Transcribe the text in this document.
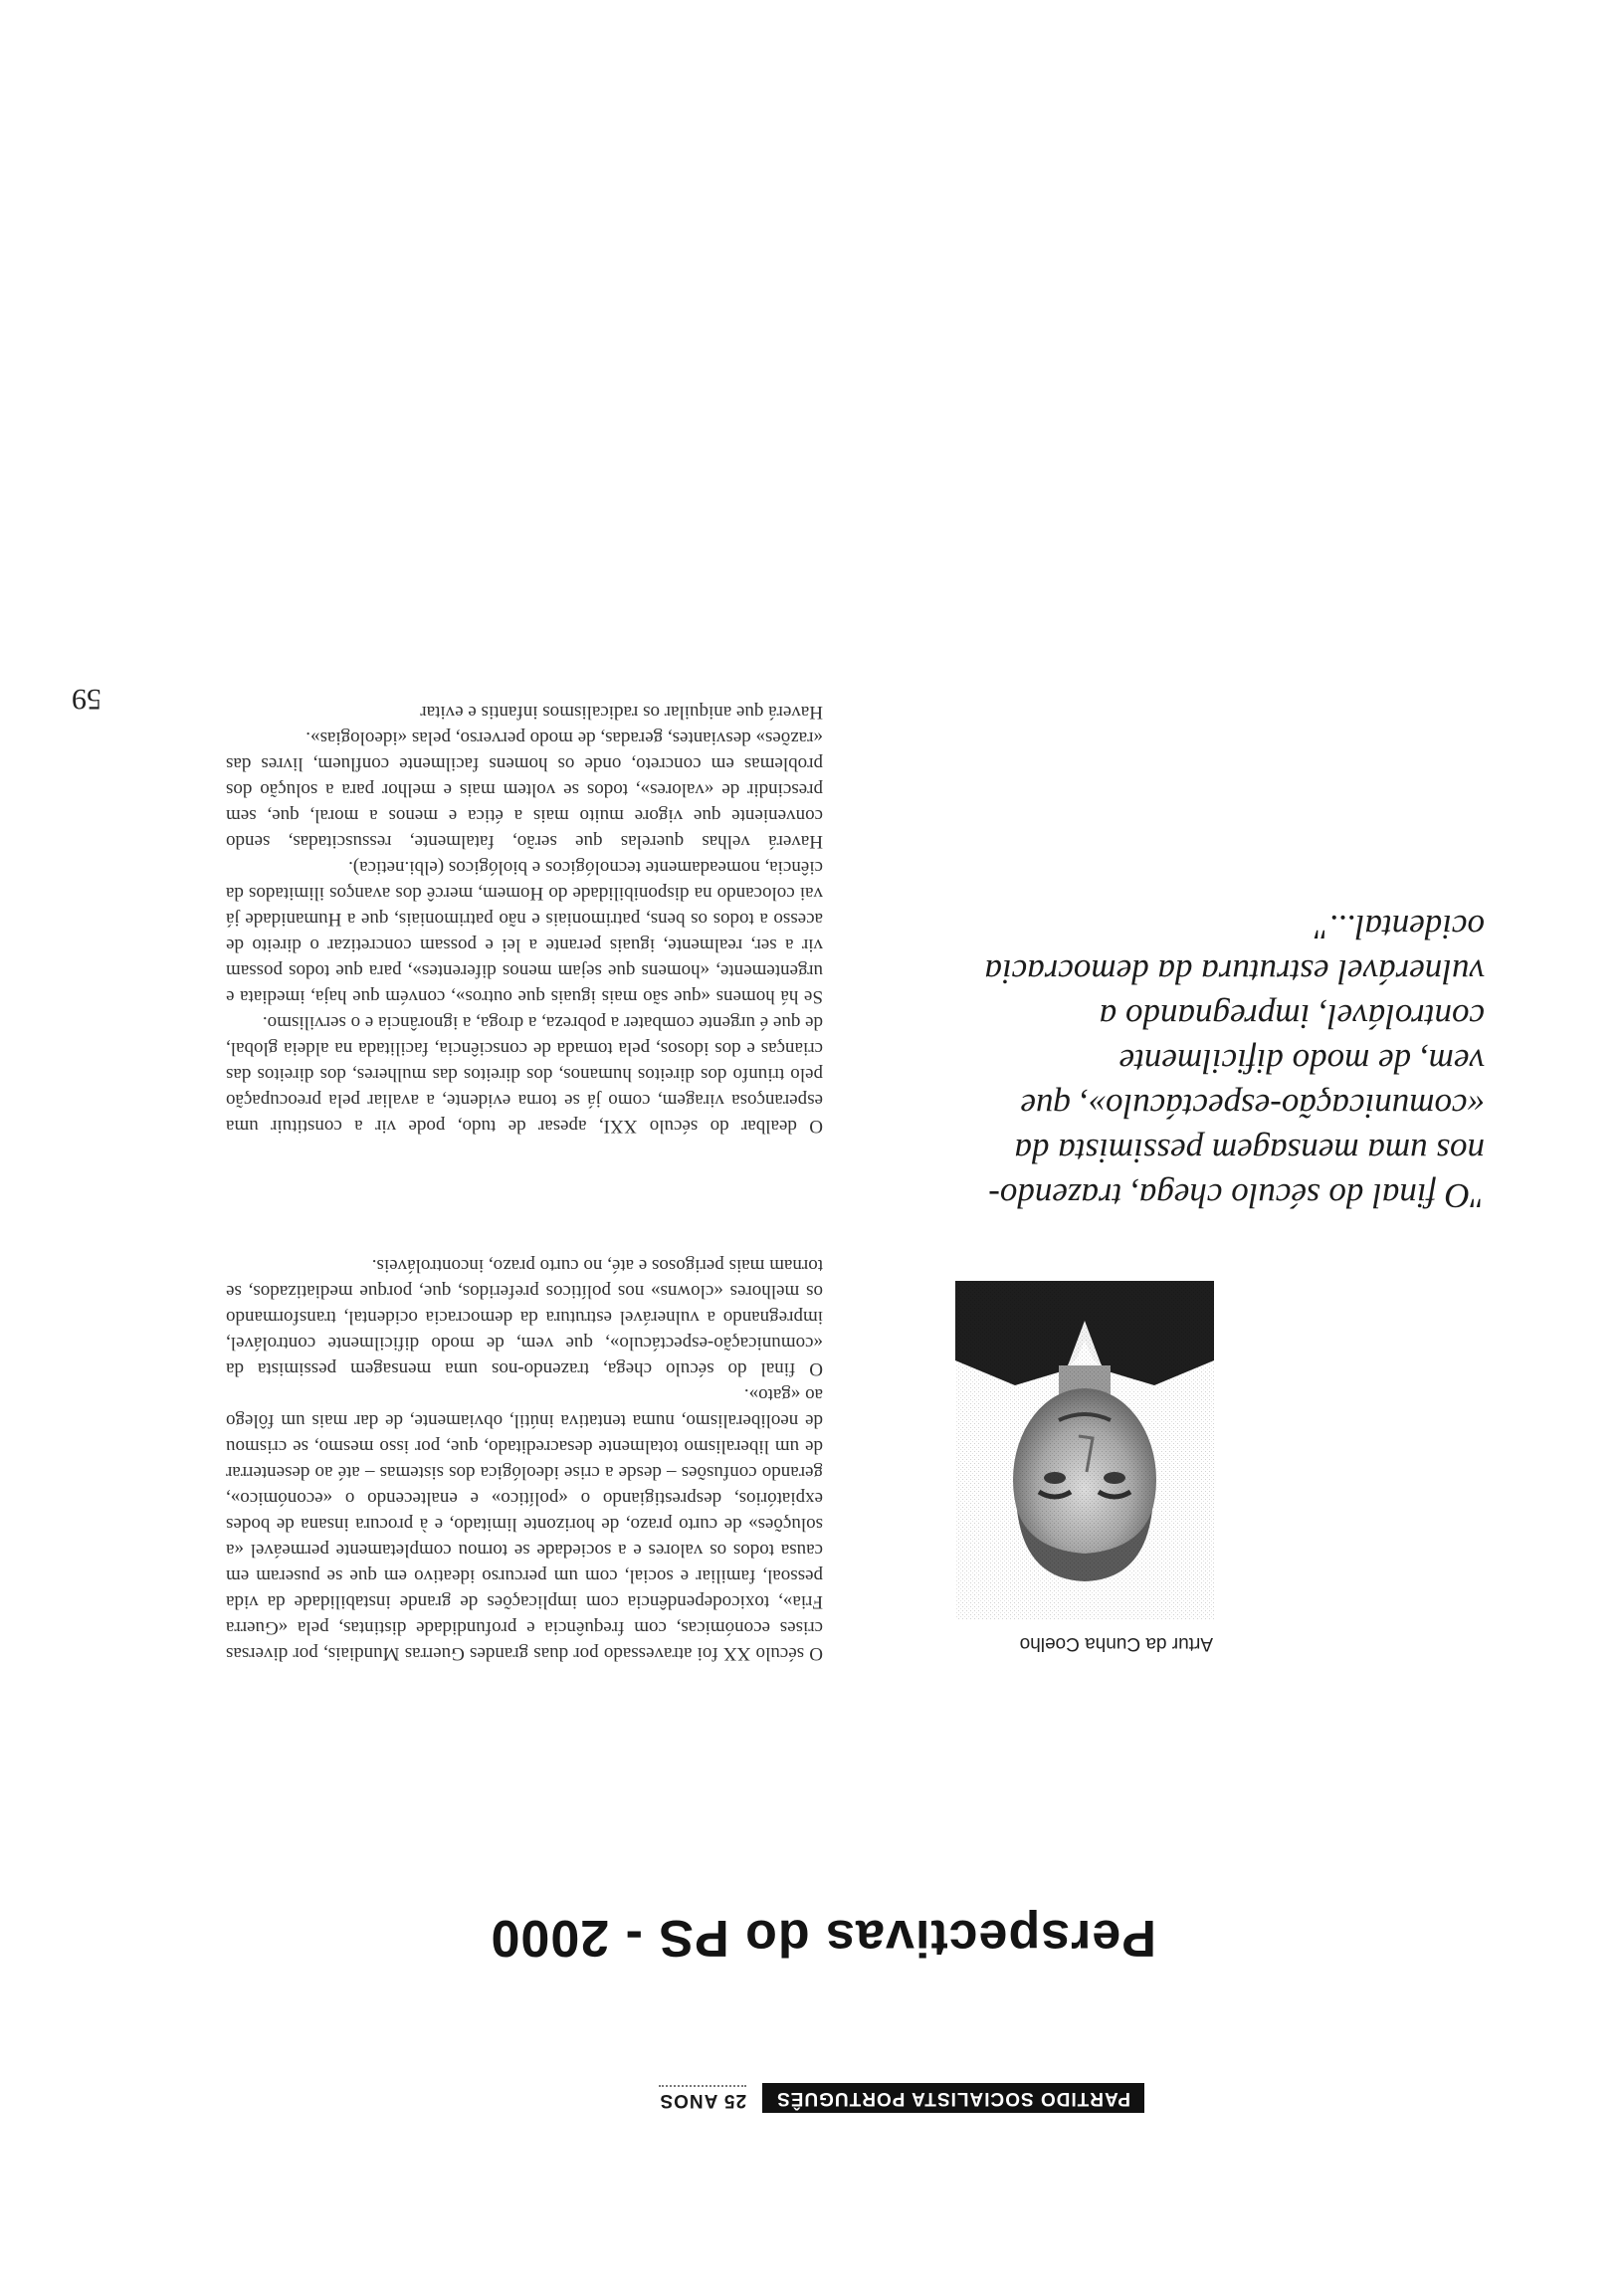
PARTIDO SOCIALISTA PORTUGUÊS
25 ANOS
Perspectivas do PS - 2000
Artur da Cunha Coelho
"O final do século chega, trazendo-nos uma mensagem pessimista da «comunicação-espectáculo», que vem, de modo dificilmente controlável, impregnando a vulnerável estrutura da democracia ocidental..."

O século XX foi atravessado por duas grandes Guerras Mundiais, por diversas crises económicas, com frequência e profundidade distintas, pela «Guerra Fria», toxicodependência com implicações de grande instabilidade da vida pessoal, familiar e social, com um percurso ideativo em que se puseram em causa todos os valores e a sociedade se tornou completamente permeável «a soluções» de curto prazo, de horizonte limitado, e à procura insana de bodes expiatórios, desprestigiando o «político» e enaltecendo o «económico», gerando confusões – desde a crise ideológica dos sistemas – até ao desenterrar de um liberalismo totalmente desacreditado, que, por isso mesmo, se crismou de neoliberalismo, numa tentativa inútil, obviamente, de dar mais um fôlego ao «gato».

O final do século chega, trazendo-nos uma mensagem pessimista da «comunicação-espectáculo», que vem, de modo dificilmente controlável, impregnando a vulnerável estrutura da democracia ocidental, transformando os melhores «clowns» nos políticos preferidos, que, porque mediatizados, se tornam mais perigosos e até, no curto prazo, incontroláveis.

O dealbar do século XXI, apesar de tudo, pode vir a constituir uma esperançosa viragem, como já se torna evidente, a avaliar pela preocupação pelo triunfo dos direitos humanos, dos direitos das mulheres, dos direitos das crianças e dos idosos, pela tomada de consciência, facilitada na aldeia global, de que é urgente combater a pobreza, a droga, a ignorância e o servilismo.

Se há homens «que são mais iguais que outros», convém que haja, imediata e urgentemente, «homens que sejam menos diferentes», para que todos possam vir a ser, realmente, iguais perante a lei e possam concretizar o direito de acesso a todos os bens, patrimoniais e não patrimoniais, que a Humanidade já vai colocando na disponibilidade do Homem, mercê dos avanços ilimitados da ciência, nomeadamente tecnológicos e biológicos (elbi.netica).

Haverá velhas querelas que serão, fatalmente, ressuscitadas, sendo conveniente que vigore muito mais a ética e menos a moral, que, sem prescindir de «valores», todos se voltem mais e melhor para a solução dos problemas em concreto, onde os homens facilmente confluem, livres das «razões» desviantes, geradas, de modo perverso, pelas «ideologias».

Haverá que aniquilar os radicalismos infantis e evitar

59
